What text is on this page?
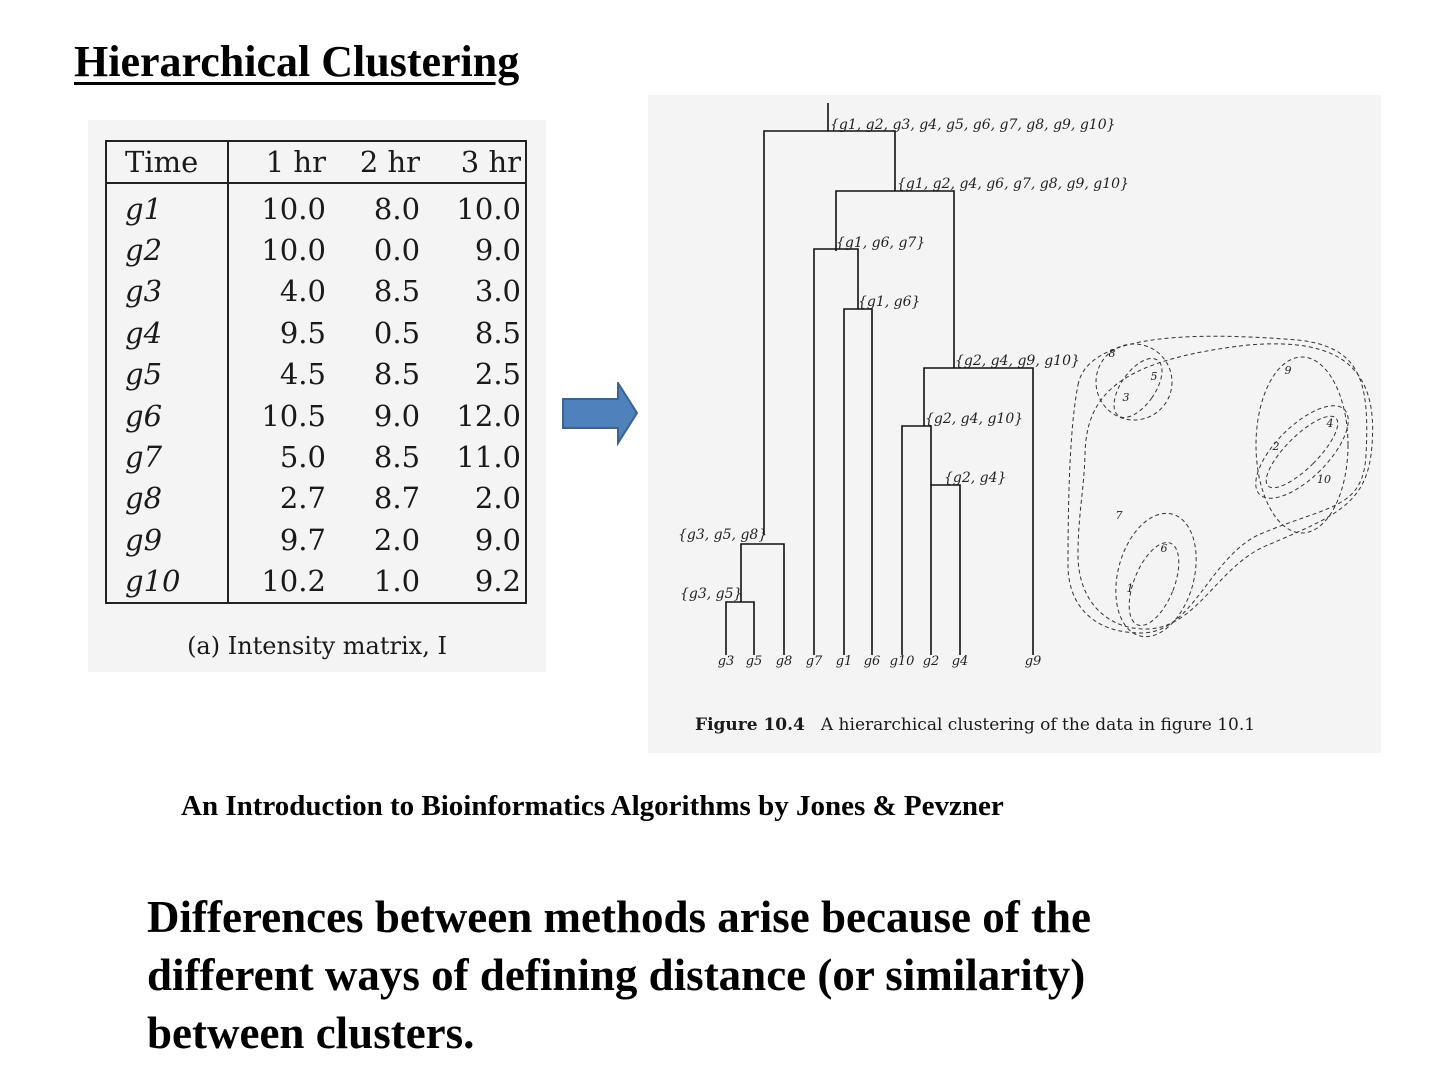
Hierarchical Clustering
Time	1 hr	2 hr	3 hr
g1	10.0	8.0	10.0
g2	10.0	0.0	9.0
g3	4.0	8.5	3.0
g4	9.5	0.5	8.5
g5	4.5	8.5	2.5
g6	10.5	9.0	12.0
g7	5.0	8.5	11.0
g8	2.7	8.7	2.0
g9	9.7	2.0	9.0
g10	10.2	1.0	9.2
(a) Intensity matrix, I
{g1, g2, g3, g4, g5, g6, g7, g8, g9, g10}
{g1, g2, g4, g6, g7, g8, g9, g10}
{g1, g6, g7}
{g1, g6}
{g2, g4, g9, g10}
{g2, g4, g10}
{g2, g4}
{g3, g5, g8}
{g3, g5}
g3 g5 g8 g7 g1 g6 g10 g2 g4	g9
8
5
3
9
4
2
10
7
6
1
Figure 10.4 A hierarchical clustering of the data in figure 10.1

An Introduction to Bioinformatics Algorithms by Jones & Pevzner

Differences between methods arise because of the different ways of defining distance (or similarity) between clusters.
